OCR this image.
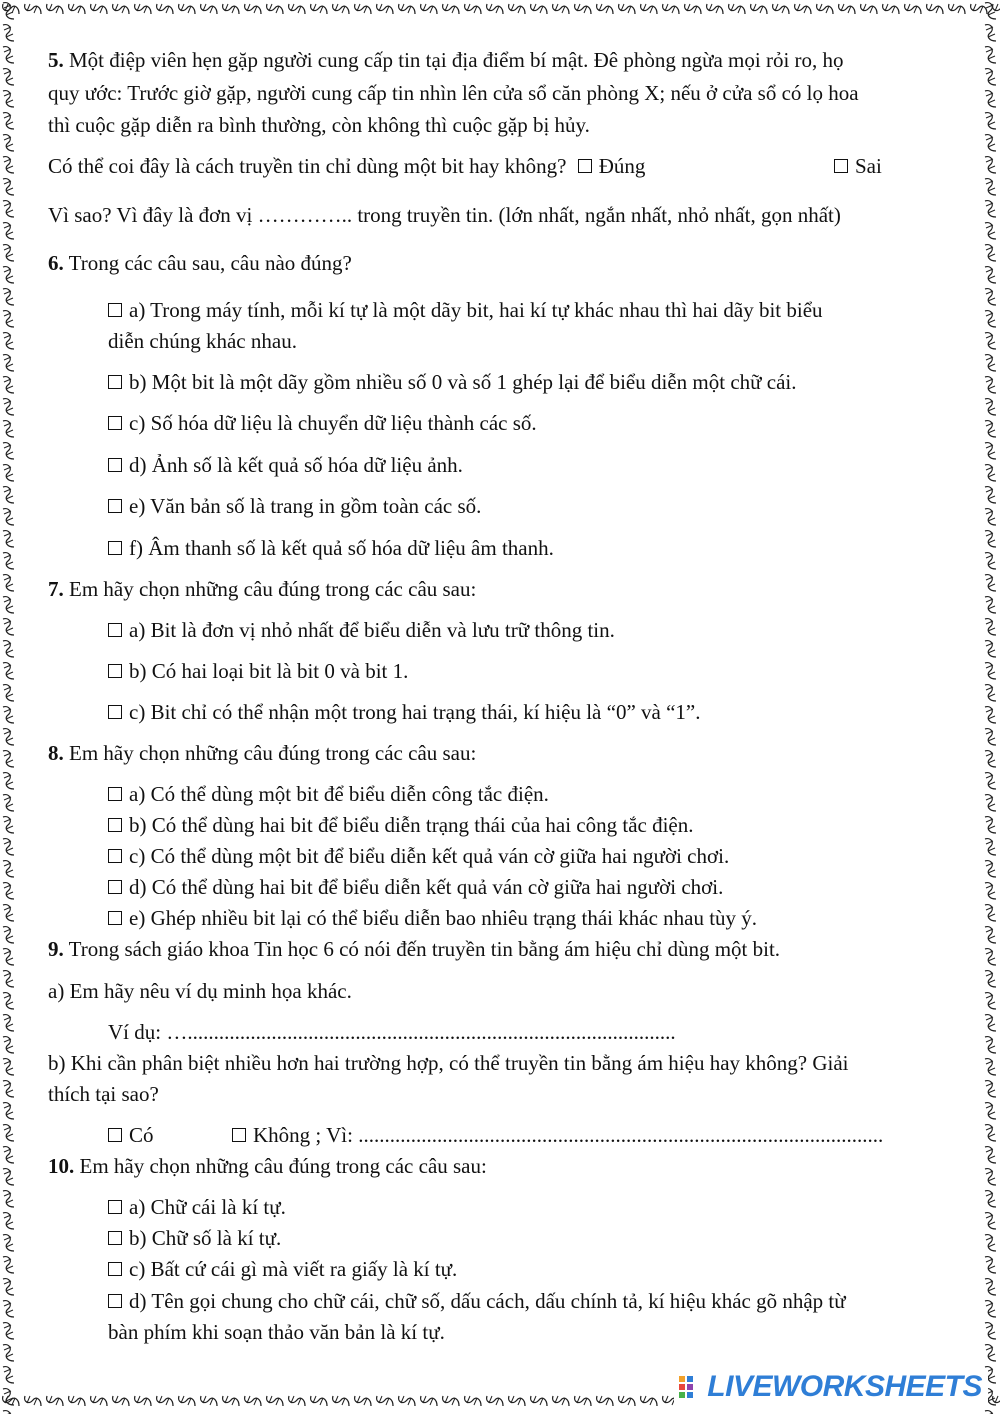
5. Một điệp viên hẹn gặp người cung cấp tin tại địa điểm bí mật. Đê phòng ngừa mọi rỏi ro, họ
quy ước: Trước giờ gặp, người cung cấp tin nhìn lên cửa sổ căn phòng X; nếu ở cửa sổ có lọ hoa
thì cuộc gặp diễn ra bình thường, còn không thì cuộc gặp bị hủy.
Có thể coi đây là cách truyền tin chỉ dùng một bit hay không? Đúng	Sai
Vì sao? Vì đây là đơn vị ………….. trong truyền tin. (lớn nhất, ngắn nhất, nhỏ nhất, gọn nhất)
6. Trong các câu sau, câu nào đúng?
a) Trong máy tính, mỗi kí tự là một dãy bit, hai kí tự khác nhau thì hai dãy bit biểu
diễn chúng khác nhau.
b) Một bit là một dãy gồm nhiều số 0 và số 1 ghép lại để biểu diễn một chữ cái.
c) Số hóa dữ liệu là chuyển dữ liệu thành các số.
d) Ảnh số là kết quả số hóa dữ liệu ảnh.
e) Văn bản số là trang in gồm toàn các số.
f) Âm thanh số là kết quả số hóa dữ liệu âm thanh.
7. Em hãy chọn những câu đúng trong các câu sau:
a) Bit là đơn vị nhỏ nhất để biểu diễn và lưu trữ thông tin.
b) Có hai loại bit là bit 0 và bit 1.
c) Bit chỉ có thể nhận một trong hai trạng thái, kí hiệu là “0” và “1”.
8. Em hãy chọn những câu đúng trong các câu sau:
a) Có thể dùng một bit để biểu diễn công tắc điện.
b) Có thể dùng hai bit để biểu diễn trạng thái của hai công tắc điện.
c) Có thể dùng một bit để biểu diễn kết quả ván cờ giữa hai người chơi.
d) Có thể dùng hai bit để biểu diễn kết quả ván cờ giữa hai người chơi.
e) Ghép nhiều bit lại có thể biểu diễn bao nhiêu trạng thái khác nhau tùy ý.
9. Trong sách giáo khoa Tin học 6 có nói đến truyền tin bằng ám hiệu chỉ dùng một bit.
a) Em hãy nêu ví dụ minh họa khác.
Ví dụ: ….............................................................................................
b) Khi cần phân biệt nhiều hơn hai trường hợp, có thể truyền tin bằng ám hiệu hay không? Giải
thích tại sao?
Có	Không ; Vì: ....................................................................................................
10. Em hãy chọn những câu đúng trong các câu sau:
a) Chữ cái là kí tự.
b) Chữ số là kí tự.
c) Bất cứ cái gì mà viết ra giấy là kí tự.
d) Tên gọi chung cho chữ cái, chữ số, dấu cách, dấu chính tả, kí hiệu khác gõ nhập từ
bàn phím khi soạn thảo văn bản là kí tự.
LIVEWORKSHEETS
